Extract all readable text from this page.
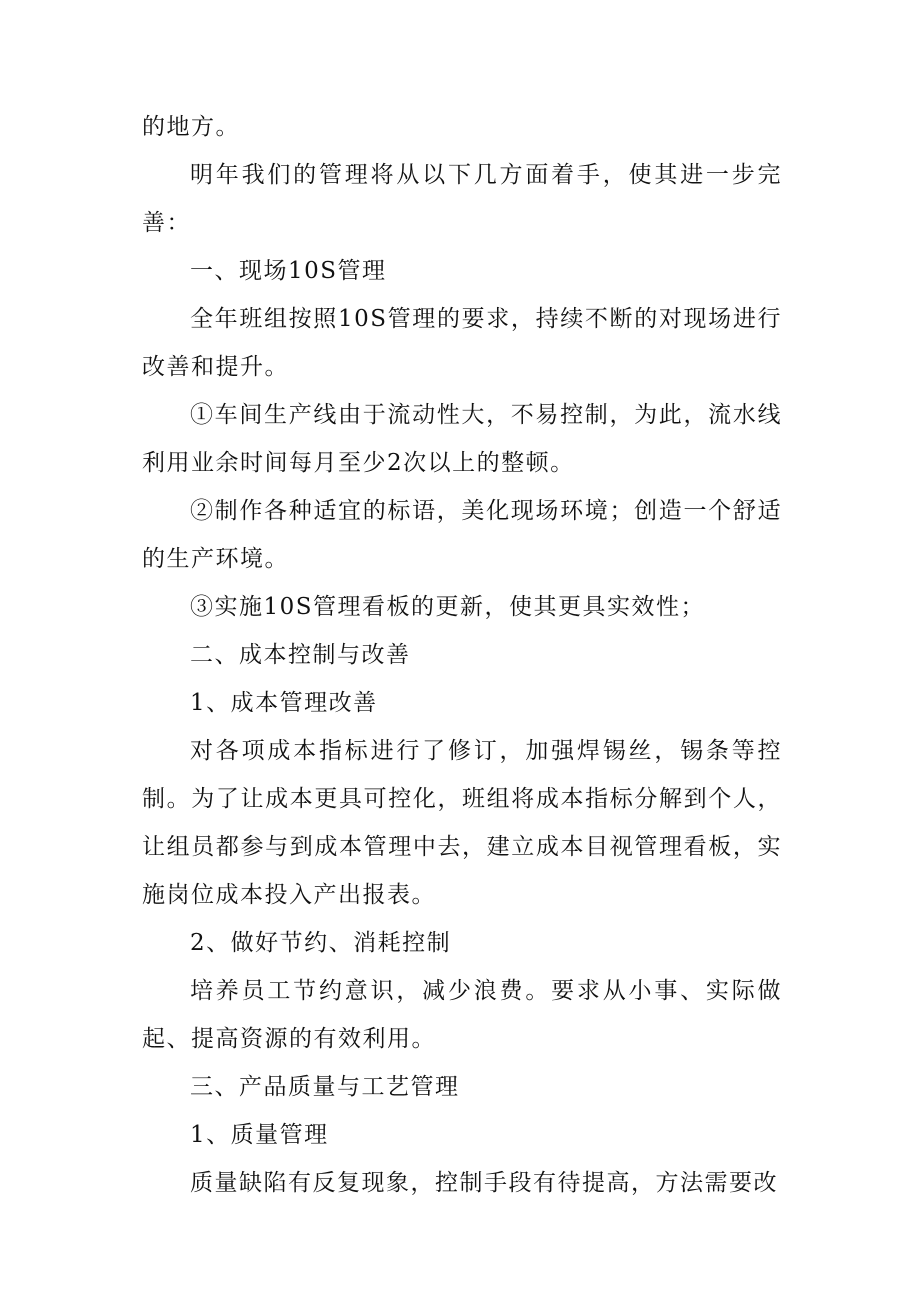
的地方。

明年我们的管理将从以下几方面着手，使其进一步完善：

一、现场10S管理

全年班组按照10S管理的要求，持续不断的对现场进行改善和提升。

①车间生产线由于流动性大，不易控制，为此，流水线利用业余时间每月至少2次以上的整顿。

②制作各种适宜的标语，美化现场环境；创造一个舒适的生产环境。

③实施10S管理看板的更新，使其更具实效性；

二、成本控制与改善

1、成本管理改善

对各项成本指标进行了修订，加强焊锡丝，锡条等控制。为了让成本更具可控化，班组将成本指标分解到个人，让组员都参与到成本管理中去，建立成本目视管理看板，实施岗位成本投入产出报表。

2、做好节约、消耗控制

培养员工节约意识，减少浪费。要求从小事、实际做起、提高资源的有效利用。

三、产品质量与工艺管理

1、质量管理

质量缺陷有反复现象，控制手段有待提高，方法需要改
